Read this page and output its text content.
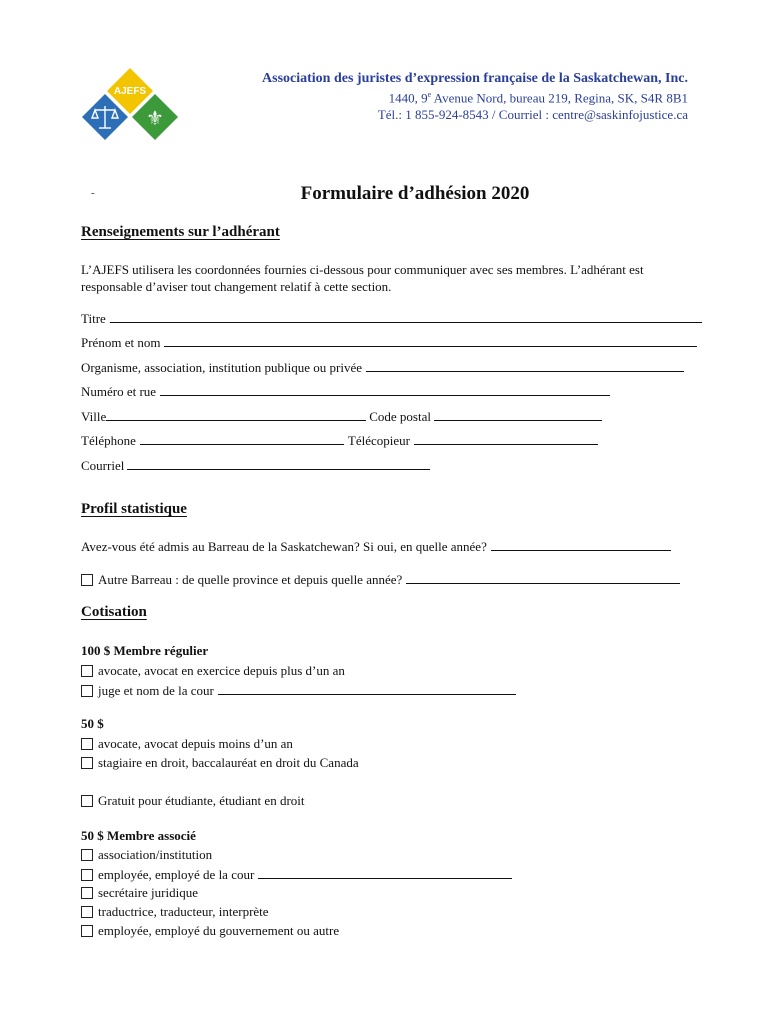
AJEFS
⚜
Association des juristes d’expression française de la Saskatchewan, Inc.
1440, 9e Avenue Nord, bureau 219, Regina, SK, S4R 8B1
Tél.: 1 855-924-8543 / Courriel : centre@saskinfojustice.ca
-	Formulaire d’adhésion 2020
Renseignements sur l’adhérant
L’AJEFS utilisera les coordonnées fournies ci-dessous pour communiquer avec ses membres. L’adhérant est responsable d’aviser tout changement relatif à cette section.
Titre
Prénom et nom
Organisme, association, institution publique ou privée
Numéro et rue
Ville	Code postal
Téléphone	Télécopieur
Courriel
Profil statistique
Avez-vous été admis au Barreau de la Saskatchewan? Si oui, en quelle année?
Autre Barreau : de quelle province et depuis quelle année?
Cotisation
100 $ Membre régulier
avocate, avocat en exercice depuis plus d’un an
juge et nom de la cour
50 $
avocate, avocat depuis moins d’un an
stagiaire en droit, baccalauréat en droit du Canada
Gratuit pour étudiante, étudiant en droit
50 $ Membre associé
association/institution
employée, employé de la cour
secrétaire juridique
traductrice, traducteur, interprète
employée, employé du gouvernement ou autre
